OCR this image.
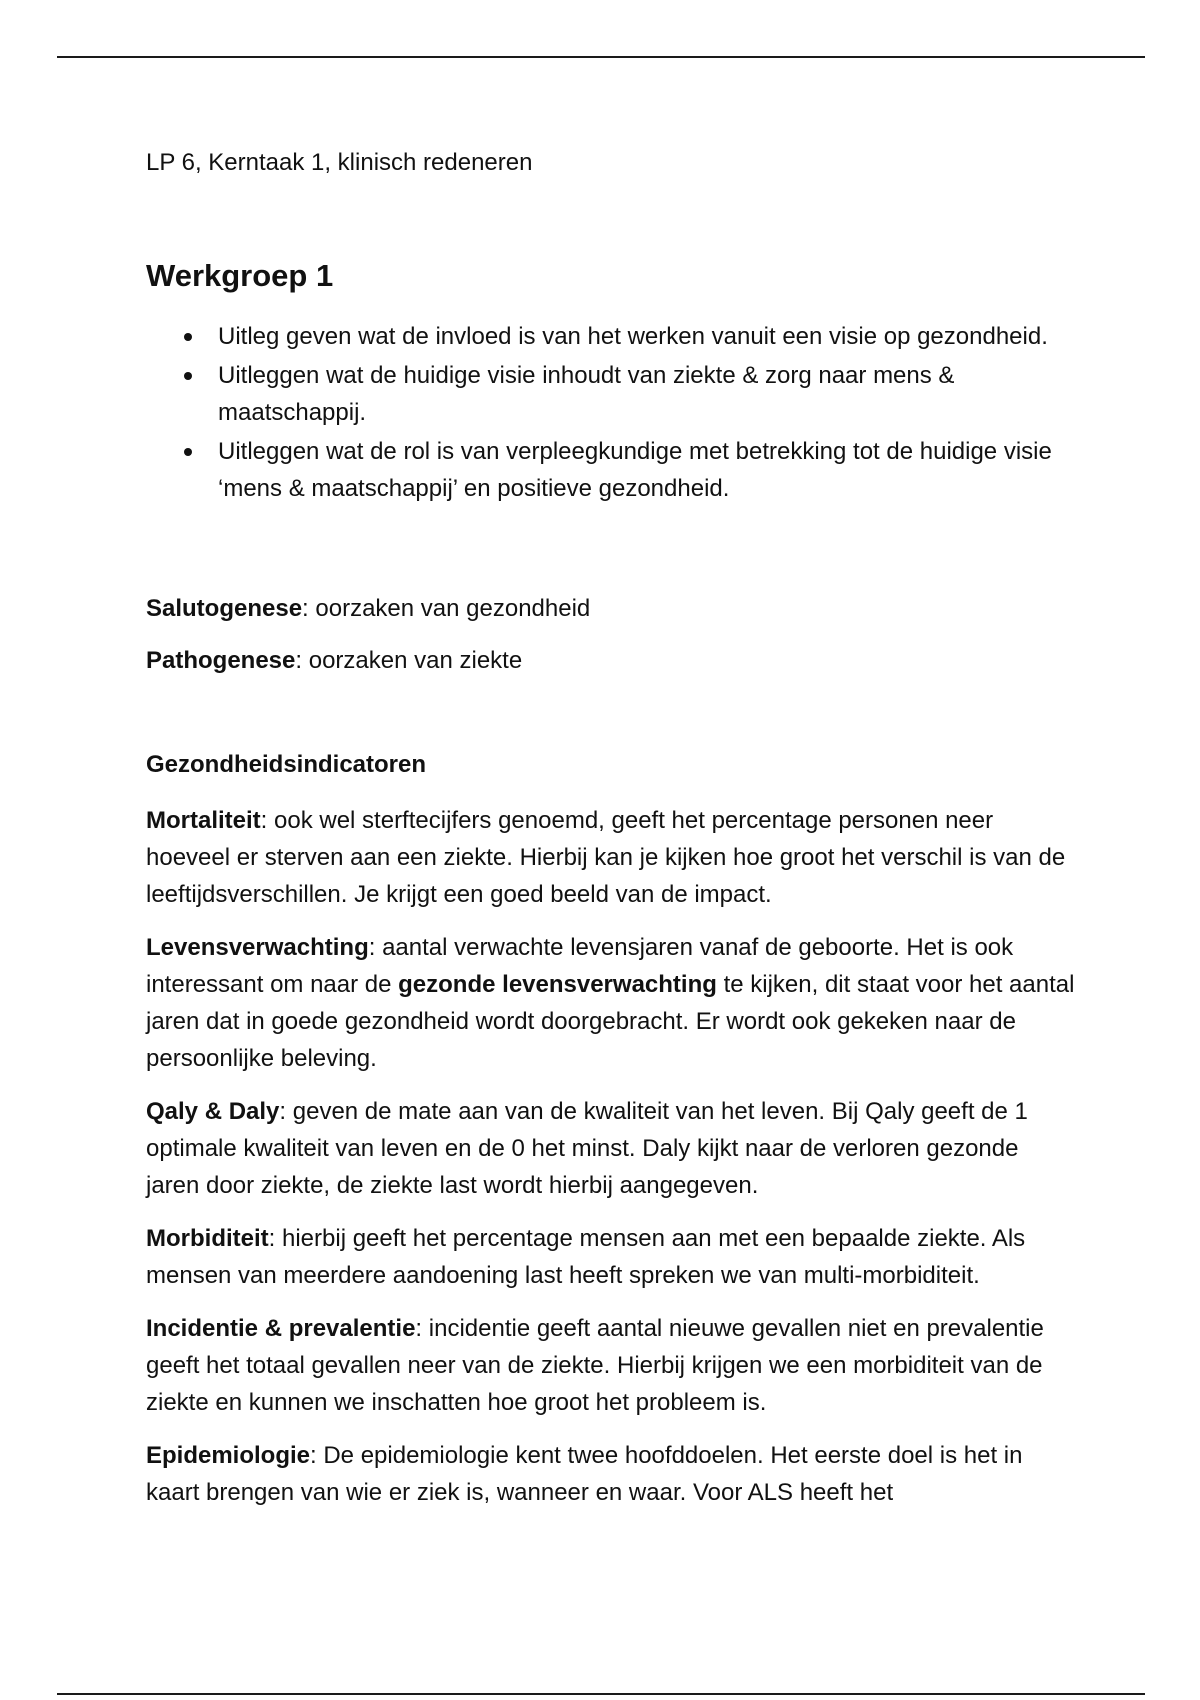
LP 6, Kerntaak 1, klinisch redeneren
Werkgroep 1
Uitleg geven wat de invloed is van het werken vanuit een visie op gezondheid.
Uitleggen wat de huidige visie inhoudt van ziekte & zorg naar mens & maatschappij.
Uitleggen wat de rol is van verpleegkundige met betrekking tot de huidige visie ‘mens & maatschappij’ en positieve gezondheid.

Salutogenese: oorzaken van gezondheid

Pathogenese: oorzaken van ziekte

Gezondheidsindicatoren

Mortaliteit: ook wel sterftecijfers genoemd, geeft het percentage personen neer hoeveel er sterven aan een ziekte. Hierbij kan je kijken hoe groot het verschil is van de leeftijdsverschillen. Je krijgt een goed beeld van de impact.

Levensverwachting: aantal verwachte levensjaren vanaf de geboorte. Het is ook interessant om naar de gezonde levensverwachting te kijken, dit staat voor het aantal jaren dat in goede gezondheid wordt doorgebracht. Er wordt ook gekeken naar de persoonlijke beleving.

Qaly & Daly: geven de mate aan van de kwaliteit van het leven. Bij Qaly geeft de 1 optimale kwaliteit van leven en de 0 het minst. Daly kijkt naar de verloren gezonde jaren door ziekte, de ziekte last wordt hierbij aangegeven.

Morbiditeit: hierbij geeft het percentage mensen aan met een bepaalde ziekte. Als mensen van meerdere aandoening last heeft spreken we van multi-morbiditeit.

Incidentie & prevalentie: incidentie geeft aantal nieuwe gevallen niet en prevalentie geeft het totaal gevallen neer van de ziekte. Hierbij krijgen we een morbiditeit van de ziekte en kunnen we inschatten hoe groot het probleem is.

Epidemiologie: De epidemiologie kent twee hoofddoelen. Het eerste doel is het in kaart brengen van wie er ziek is, wanneer en waar. Voor ALS heeft het
